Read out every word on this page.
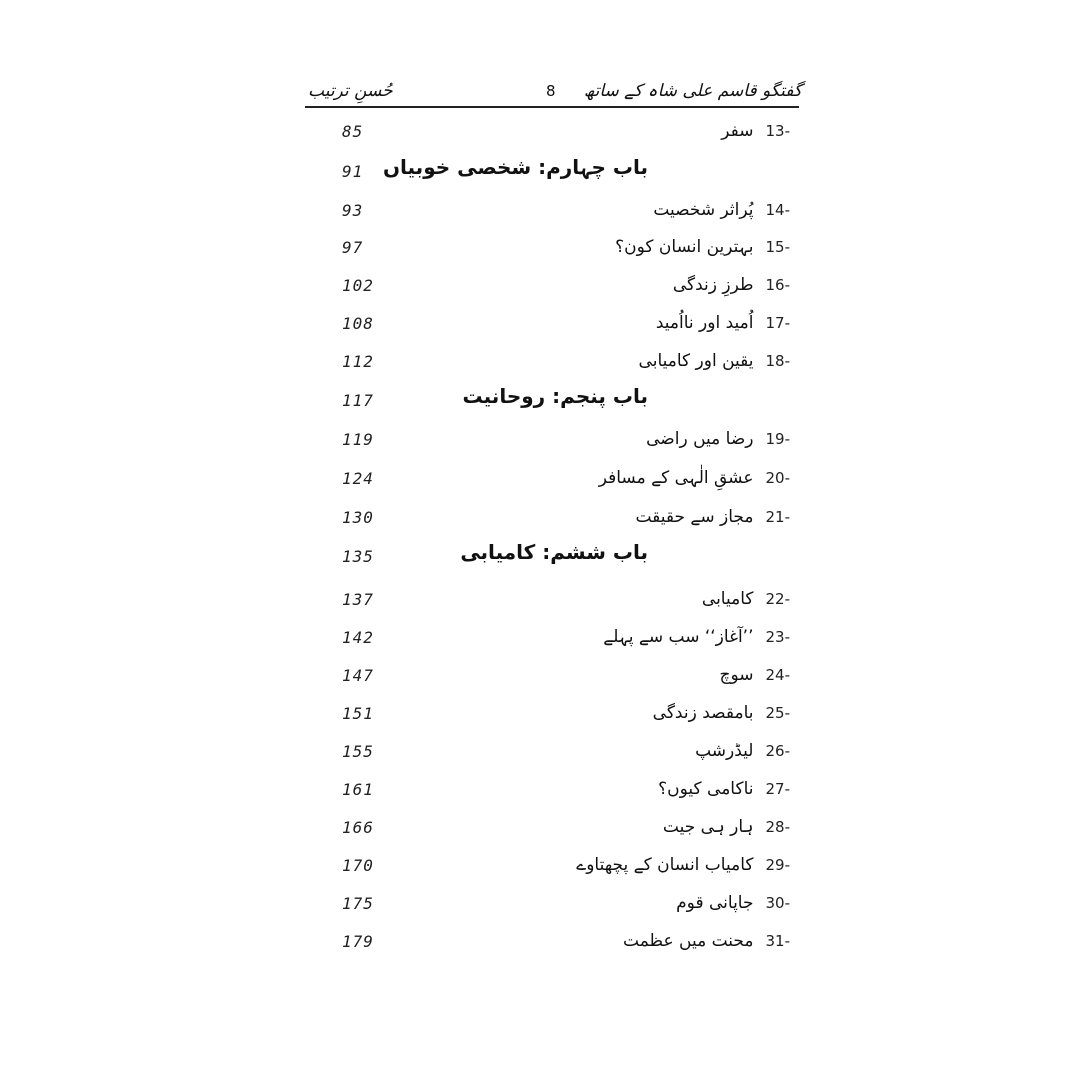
گفتگو قاسم علی شاہ کے ساتھ
8
حُسنِ ترتیب
85	13-سفر
91 باب چہارم: شخصی خوبیاں
93	14-پُراثر شخصیت
97	15-بہترین انسان کون؟
102	16-طرزِ زندگی
108	17-اُمید اور نااُمید
112	18-یقین اور کامیابی
117	باب پنجم: روحانیت
119	19-رضا میں راضی
124	20-عشقِ الٰہی کے مسافر
130	21-مجاز سے حقیقت
135	باب ششم: کامیابی
137	22-کامیابی
142	23-’’آغاز‘‘ سب سے پہلے
147	24-سوچ
151	25-بامقصد زندگی
155	26-لیڈرشپ
161	27-ناکامی کیوں؟
166	28-ہار ہی جیت
170	29-کامیاب انسان کے پچھتاوے
175	30-جاپانی قوم
179	31-محنت میں عظمت
